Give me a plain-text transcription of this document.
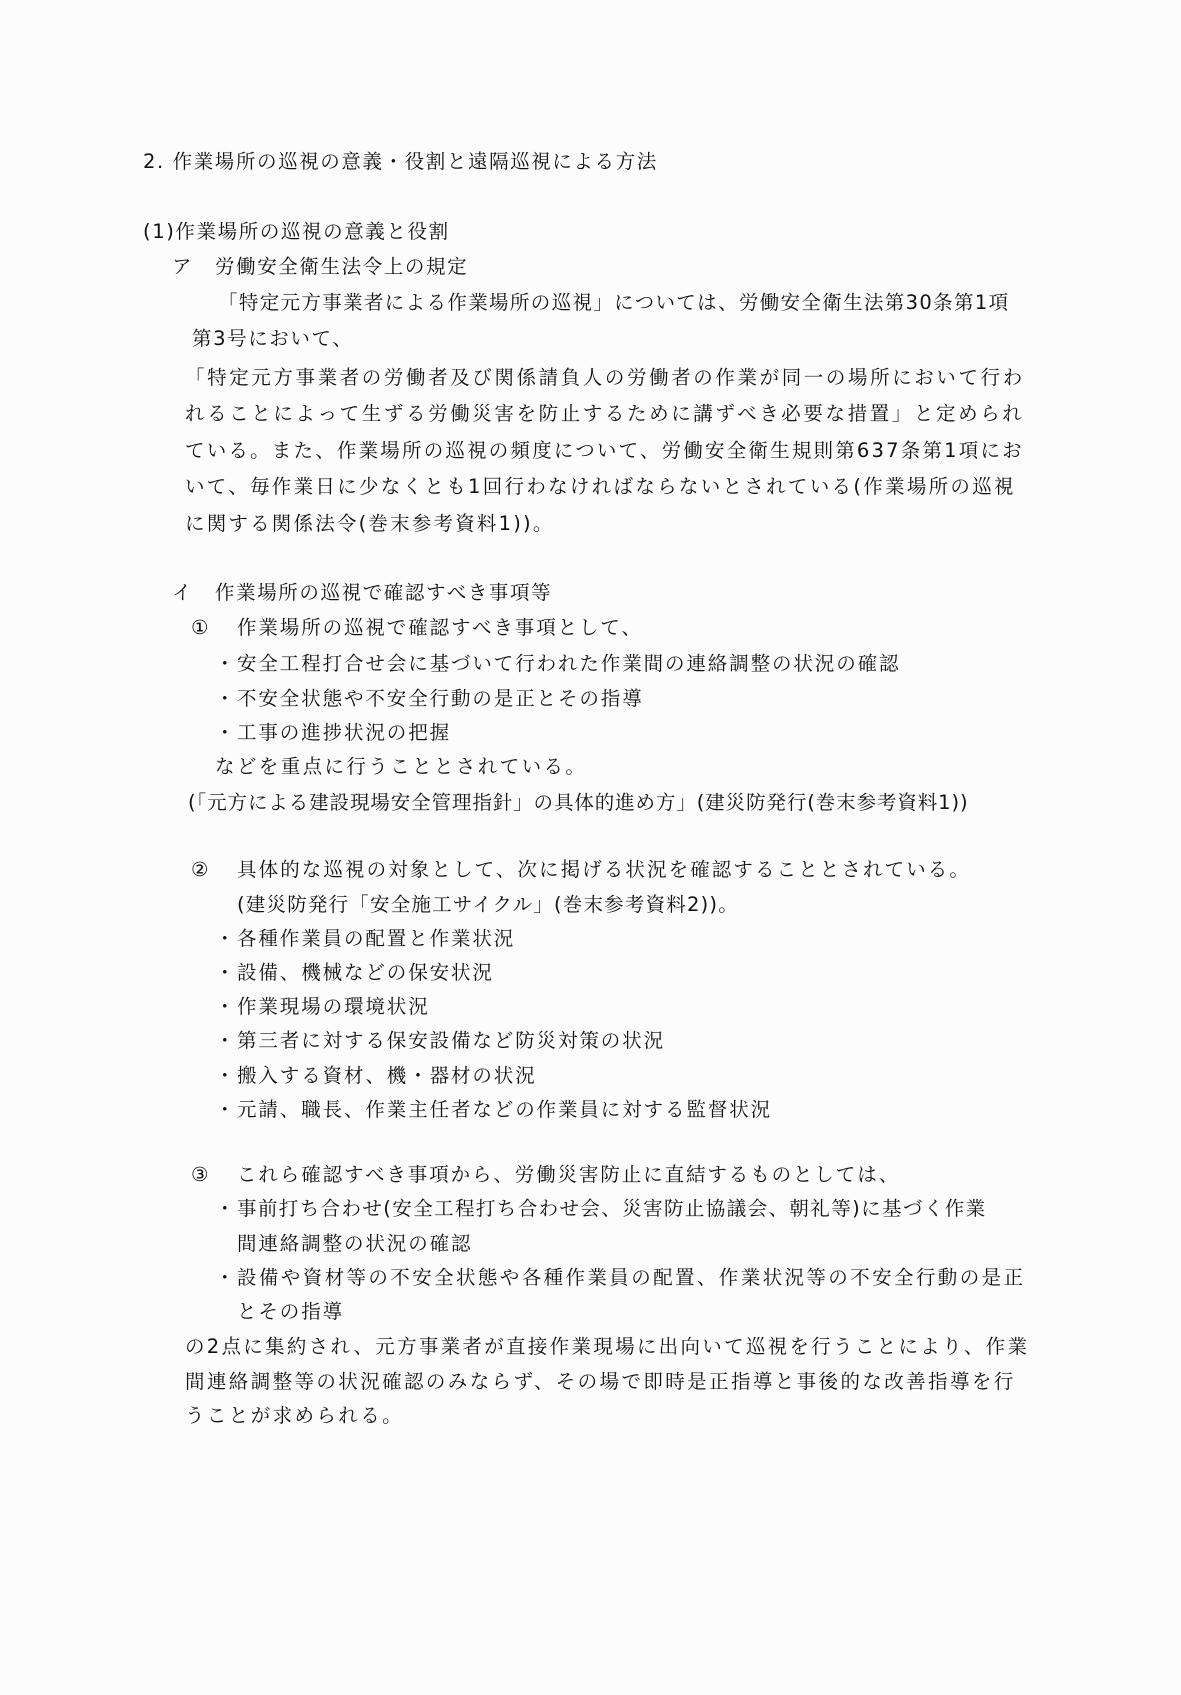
2. 作業場所の巡視の意義・役割と遠隔巡視による方法
(1)作業場所の巡視の意義と役割
ア 労働安全衛生法令上の規定
「特定元方事業者による作業場所の巡視」については、労働安全衛生法第30条第1項
第3号において、
「特定元方事業者の労働者及び関係請負人の労働者の作業が同一の場所において行わ
れることによって生ずる労働災害を防止するために講ずべき必要な措置」と定められ
ている。また、作業場所の巡視の頻度について、労働安全衛生規則第637条第1項にお
いて、毎作業日に少なくとも1回行わなければならないとされている(作業場所の巡視
に関する関係法令(巻末参考資料1))。
イ 作業場所の巡視で確認すべき事項等
① 作業場所の巡視で確認すべき事項として、
・ 安全工程打合せ会に基づいて行われた作業間の連絡調整の状況の確認
・ 不安全状態や不安全行動の是正とその指導
・ 工事の進捗状況の把握
などを重点に行うこととされている。
(「元方による建設現場安全管理指針」の具体的進め方」(建災防発行(巻末参考資料1))
② 具体的な巡視の対象として、次に掲げる状況を確認することとされている。
(建災防発行「安全施工サイクル」(巻末参考資料2))。
・ 各種作業員の配置と作業状況
・ 設備、機械などの保安状況
・ 作業現場の環境状況
・ 第三者に対する保安設備など防災対策の状況
・ 搬入する資材、機・器材の状況
・ 元請、職長、作業主任者などの作業員に対する監督状況
③ これら確認すべき事項から、労働災害防止に直結するものとしては、
・ 事前打ち合わせ(安全工程打ち合わせ会、災害防止協議会、朝礼等)に基づく作業
間連絡調整の状況の確認
・ 設備や資材等の不安全状態や各種作業員の配置、作業状況等の不安全行動の是正
とその指導
の2点に集約され、元方事業者が直接作業現場に出向いて巡視を行うことにより、作業
間連絡調整等の状況確認のみならず、その場で即時是正指導と事後的な改善指導を行
うことが求められる。
